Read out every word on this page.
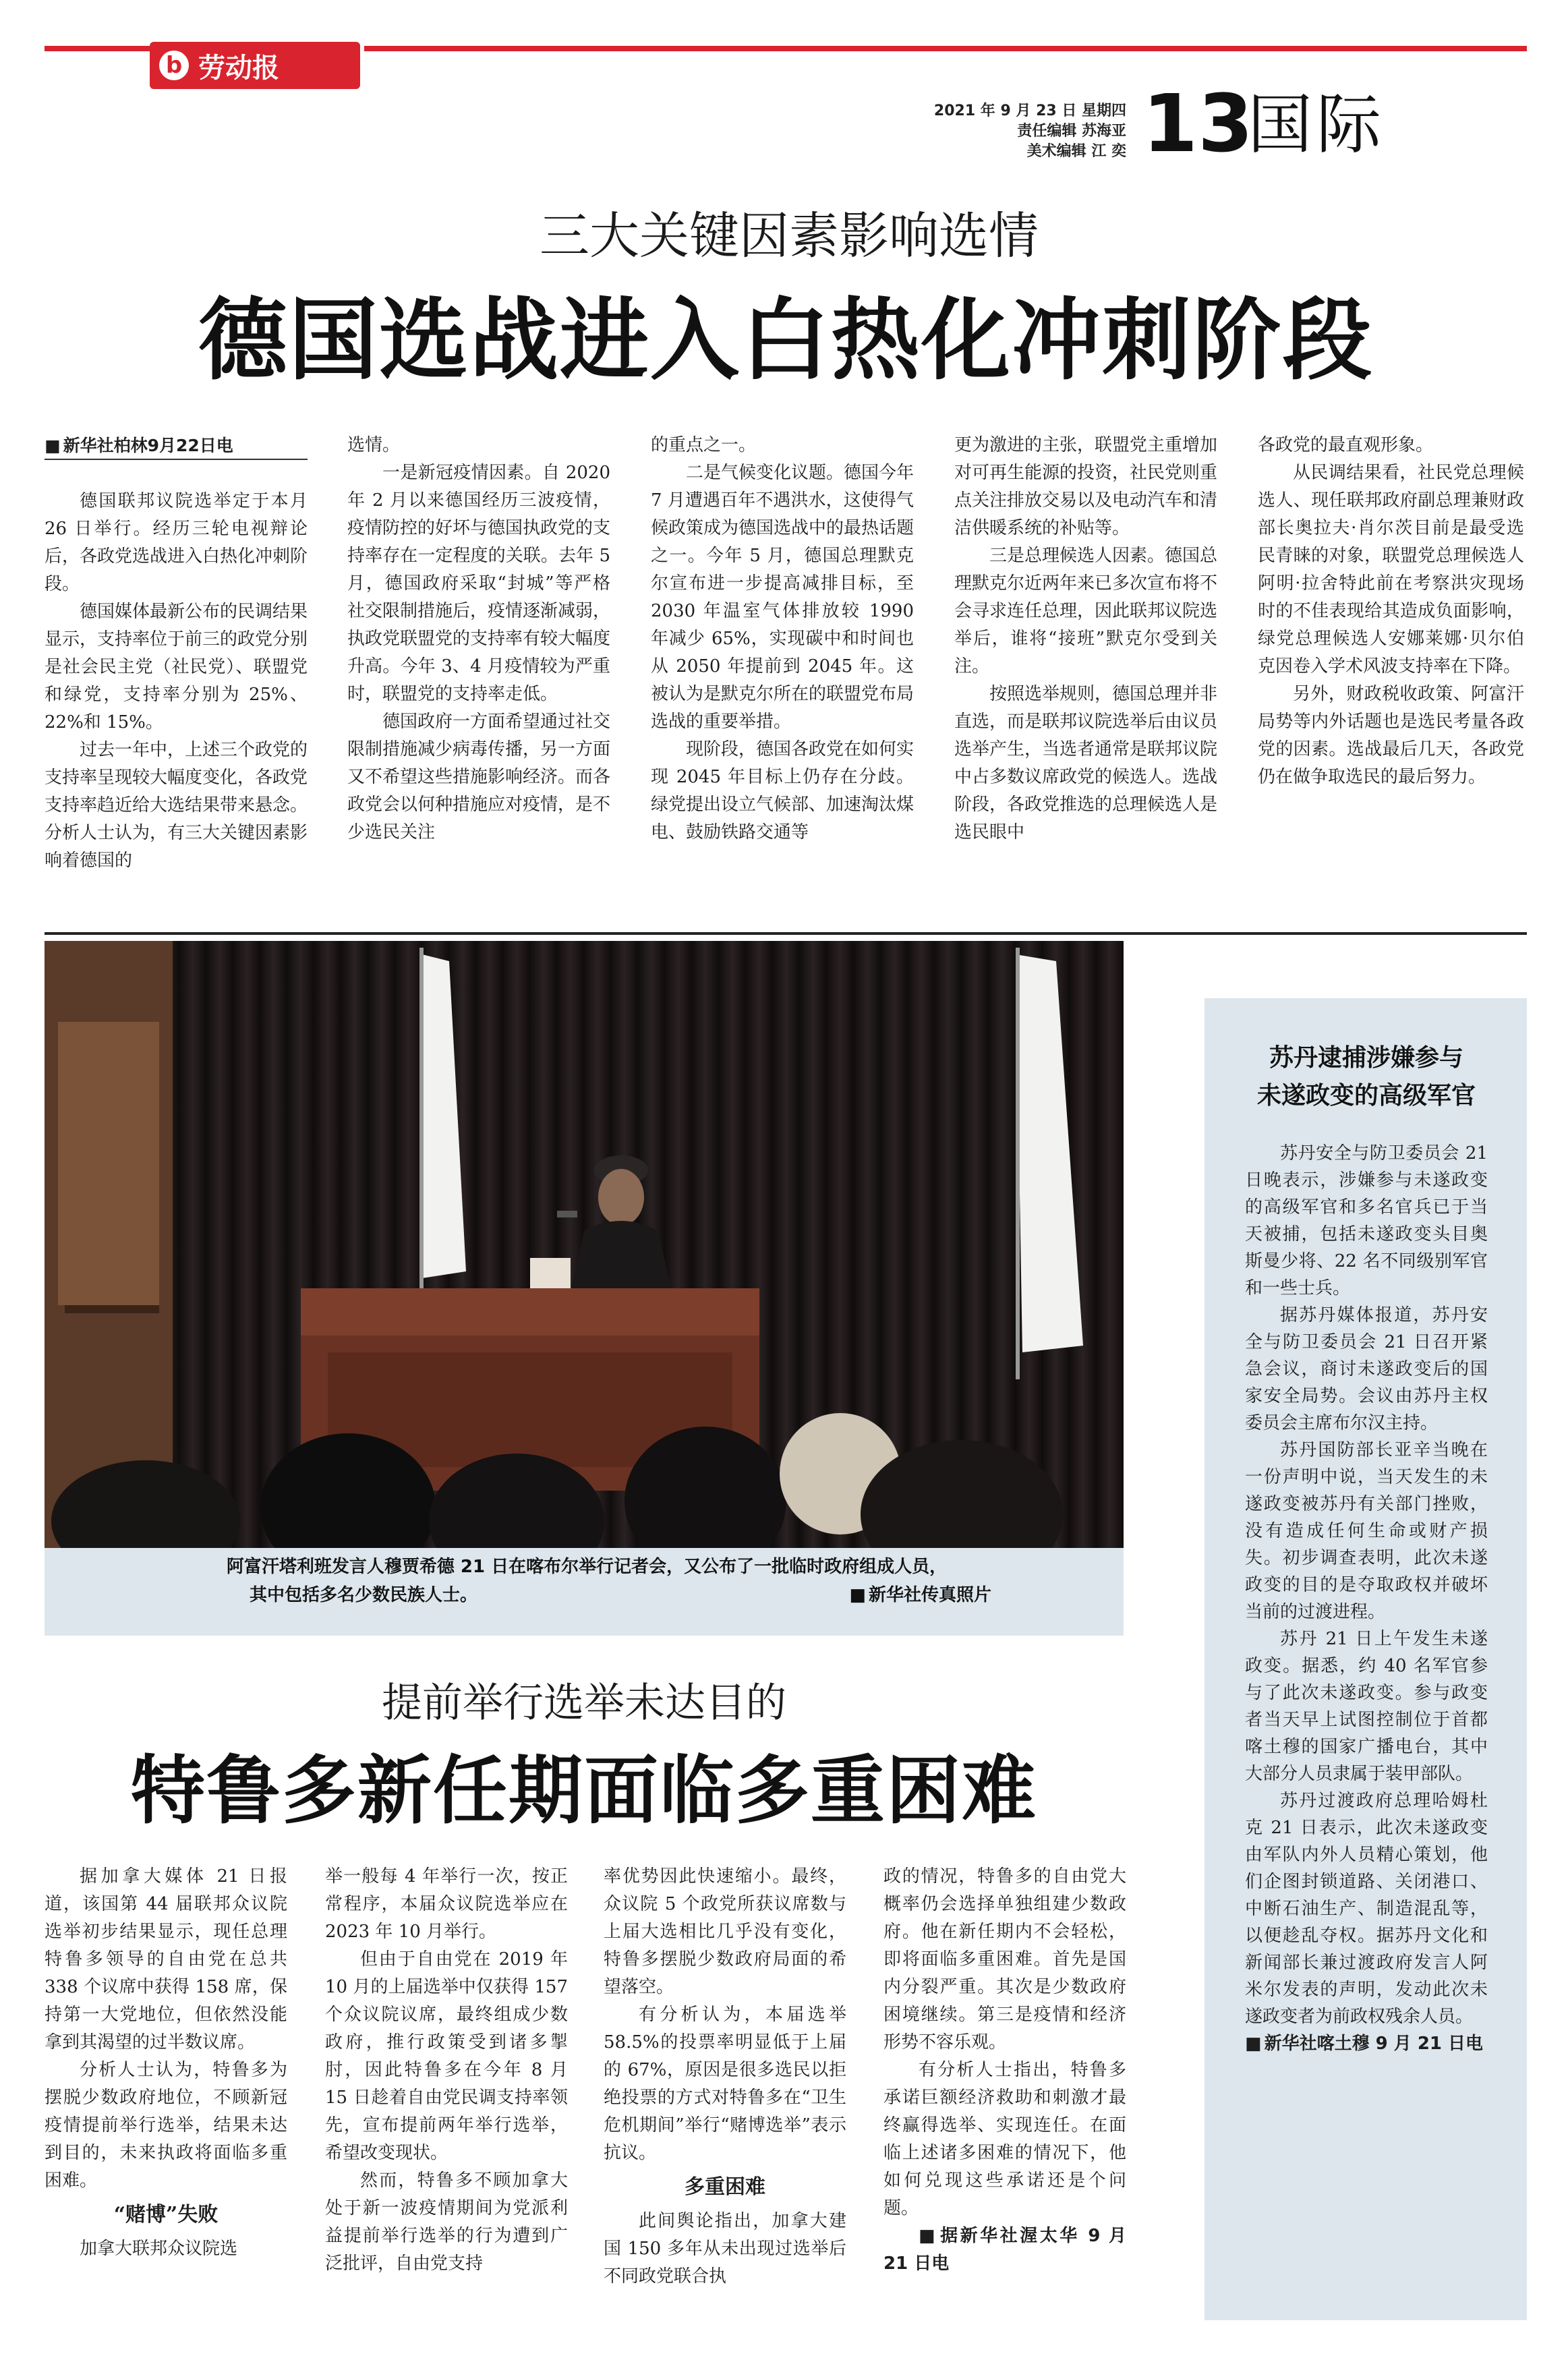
b 劳动报
2021 年 9 月 23 日 星期四
责任编辑 苏海亚
美术编辑 江 奕 13
国际
三大关键因素影响选情
德国选战进入白热化冲刺阶段

■ 新华社柏林9月22日电

德国联邦议院选举定于本月 26 日举行。经历三轮电视辩论后，各政党选战进入白热化冲刺阶段。

德国媒体最新公布的民调结果显示，支持率位于前三的政党分别是社会民主党（社民党）、联盟党和绿党，支持率分别为 25%、22%和 15%。

过去一年中，上述三个政党的支持率呈现较大幅度变化，各政党支持率趋近给大选结果带来悬念。分析人士认为，有三大关键因素影响着德国的

选情。

一是新冠疫情因素。自 2020 年 2 月以来德国经历三波疫情，疫情防控的好坏与德国执政党的支持率存在一定程度的关联。去年 5 月，德国政府采取“封城”等严格社交限制措施后，疫情逐渐减弱，执政党联盟党的支持率有较大幅度升高。今年 3、4 月疫情较为严重时，联盟党的支持率走低。

德国政府一方面希望通过社交限制措施减少病毒传播，另一方面又不希望这些措施影响经济。而各政党会以何种措施应对疫情，是不少选民关注

的重点之一。

二是气候变化议题。德国今年 7 月遭遇百年不遇洪水，这使得气候政策成为德国选战中的最热话题之一。今年 5 月，德国总理默克尔宣布进一步提高减排目标，至 2030 年温室气体排放较 1990 年减少 65%，实现碳中和时间也从 2050 年提前到 2045 年。这被认为是默克尔所在的联盟党布局选战的重要举措。

现阶段，德国各政党在如何实现 2045 年目标上仍存在分歧。绿党提出设立气候部、加速淘汰煤电、鼓励铁路交通等

更为激进的主张，联盟党主重增加对可再生能源的投资，社民党则重点关注排放交易以及电动汽车和清洁供暖系统的补贴等。

三是总理候选人因素。德国总理默克尔近两年来已多次宣布将不会寻求连任总理，因此联邦议院选举后，谁将“接班”默克尔受到关注。

按照选举规则，德国总理并非直选，而是联邦议院选举后由议员选举产生，当选者通常是联邦议院中占多数议席政党的候选人。选战阶段，各政党推选的总理候选人是选民眼中

各政党的最直观形象。

从民调结果看，社民党总理候选人、现任联邦政府副总理兼财政部长奥拉夫·肖尔茨目前是最受选民青睐的对象，联盟党总理候选人阿明·拉舍特此前在考察洪灾现场时的不佳表现给其造成负面影响，绿党总理候选人安娜莱娜·贝尔伯克因卷入学术风波支持率在下降。

另外，财政税收政策、阿富汗局势等内外话题也是选民考量各政党的因素。选战最后几天，各政党仍在做争取选民的最后努力。

阿富汗塔利班发言人穆贾希德 21 日在喀布尔举行记者会，又公布了一批临时政府组成人员，
其中包括多名少数民族人士。
■	新华社传真照片
提前举行选举未达目的
特鲁多新任期面临多重困难

据加拿大媒体 21 日报道，该国第 44 届联邦众议院选举初步结果显示，现任总理特鲁多领导的自由党在总共 338 个议席中获得 158 席，保持第一大党地位，但依然没能拿到其渴望的过半数议席。

分析人士认为，特鲁多为摆脱少数政府地位，不顾新冠疫情提前举行选举，结果未达到目的，未来执政将面临多重困难。

“赌博”失败

加拿大联邦众议院选

举一般每 4 年举行一次，按正常程序，本届众议院选举应在 2023 年 10 月举行。

但由于自由党在 2019 年 10 月的上届选举中仅获得 157 个众议院议席，最终组成少数政府，推行政策受到诸多掣肘，因此特鲁多在今年 8 月 15 日趁着自由党民调支持率领先，宣布提前两年举行选举，希望改变现状。

然而，特鲁多不顾加拿大处于新一波疫情期间为党派利益提前举行选举的行为遭到广泛批评，自由党支持

率优势因此快速缩小。最终，众议院 5 个政党所获议席数与上届大选相比几乎没有变化，特鲁多摆脱少数政府局面的希望落空。

有分析认为，本届选举 58.5%的投票率明显低于上届的 67%，原因是很多选民以拒绝投票的方式对特鲁多在“卫生危机期间”举行“赌博选举”表示抗议。

多重困难

此间舆论指出，加拿大建国 150 多年从未出现过选举后不同政党联合执

政的情况，特鲁多的自由党大概率仍会选择单独组建少数政府。他在新任期内不会轻松，即将面临多重困难。首先是国内分裂严重。其次是少数政府困境继续。第三是疫情和经济形势不容乐观。

有分析人士指出，特鲁多承诺巨额经济救助和刺激才最终赢得选举、实现连任。在面临上述诸多困难的情况下，他如何兑现这些承诺还是个问题。

■ 据新华社渥太华 9 月 21 日电

苏丹逮捕涉嫌参与
未遂政变的高级军官

苏丹安全与防卫委员会 21 日晚表示，涉嫌参与未遂政变的高级军官和多名官兵已于当天被捕，包括未遂政变头目奥斯曼少将、22 名不同级别军官和一些士兵。

据苏丹媒体报道，苏丹安全与防卫委员会 21 日召开紧急会议，商讨未遂政变后的国家安全局势。会议由苏丹主权委员会主席布尔汉主持。

苏丹国防部长亚辛当晚在一份声明中说，当天发生的未遂政变被苏丹有关部门挫败，没有造成任何生命或财产损失。初步调查表明，此次未遂政变的目的是夺取政权并破坏当前的过渡进程。

苏丹 21 日上午发生未遂政变。据悉，约 40 名军官参与了此次未遂政变。参与政变者当天早上试图控制位于首都喀土穆的国家广播电台，其中大部分人员隶属于装甲部队。

苏丹过渡政府总理哈姆杜克 21 日表示，此次未遂政变由军队内外人员精心策划，他们企图封锁道路、关闭港口、中断石油生产、制造混乱等，以便趁乱夺权。据苏丹文化和新闻部长兼过渡政府发言人阿米尔发表的声明，发动此次未遂政变者为前政权残余人员。

■ 新华社喀土穆 9 月 21 日电
